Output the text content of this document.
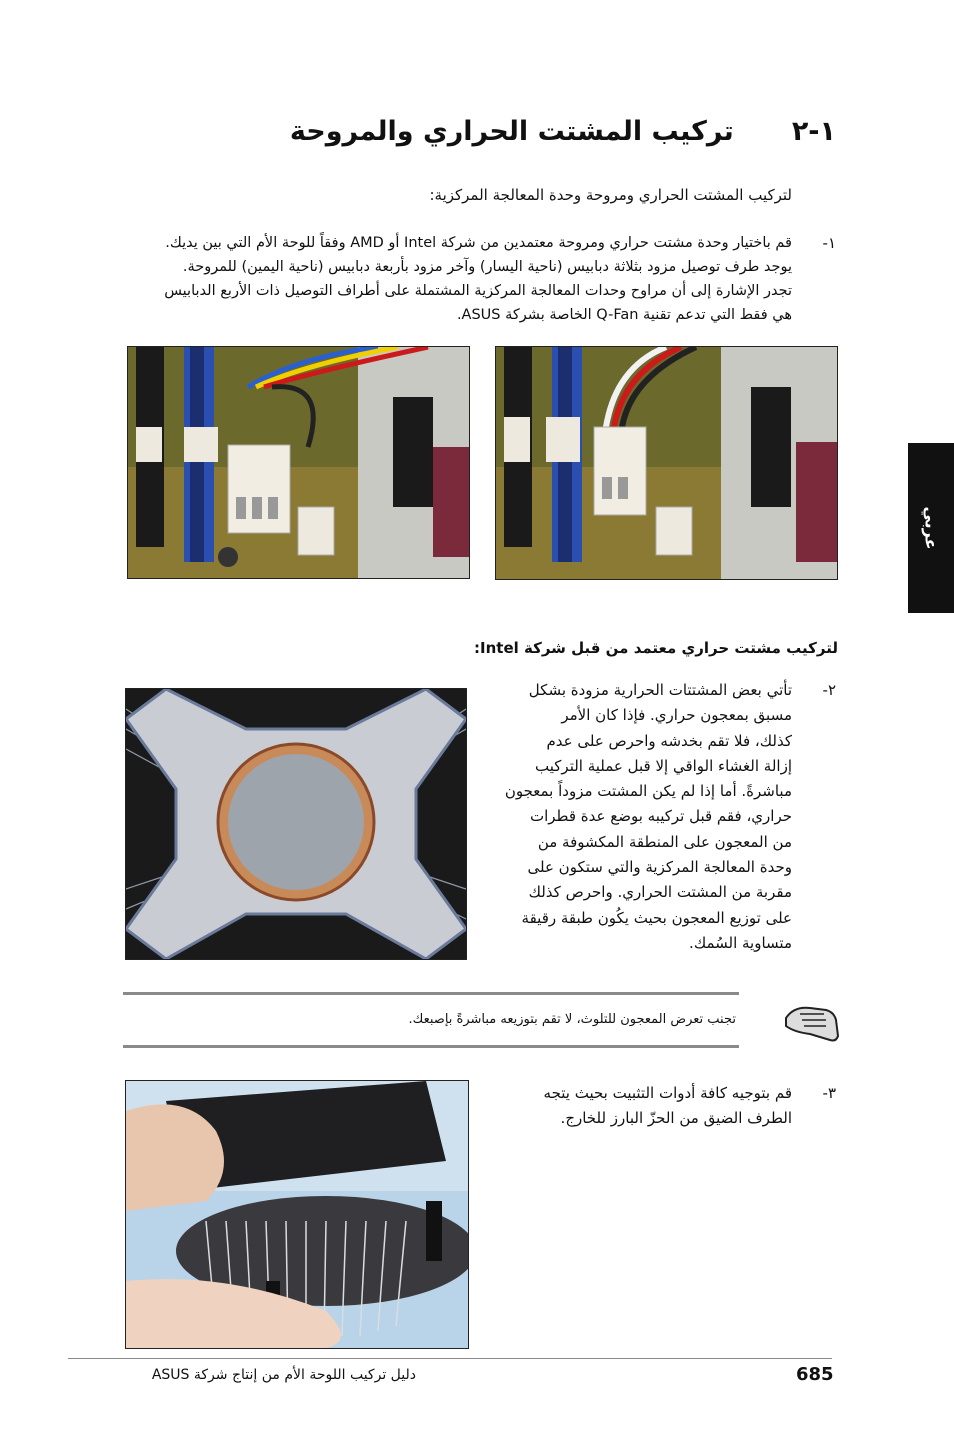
١-٢
تركيب المشتت الحراري والمروحة
لتركيب المشتت الحراري ومروحة وحدة المعالجة المركزية:
١-
قم باختيار وحدة مشتت حراري ومروحة معتمدين من شركة Intel أو AMD وفقاً للوحة الأم التي بين يديك.
يوجد طرف توصيل مزود بثلاثة دبابيس (ناحية اليسار) وآخر مزود بأربعة دبابيس (ناحية اليمين) للمروحة.
تجدر الإشارة إلى أن مراوح وحدات المعالجة المركزية المشتملة على أطراف التوصيل ذات الأربع الدبابيس
هي فقط التي تدعم تقنية Q-Fan الخاصة بشركة ASUS.
لتركيب مشتت حراري معتمد من قبل شركة Intel:
٢-
تأتي بعض المشتتات الحرارية مزودة بشكل
مسبق بمعجون حراري. فإذا كان الأمر
كذلك، فلا تقم بخدشه واحرص على عدم
إزالة الغشاء الواقي إلا قبل عملية التركيب
مباشرةً. أما إذا لم يكن المشتت مزوداً بمعجون
حراري، فقم قبل تركيبه بوضع عدة قطرات
من المعجون على المنطقة المكشوفة من
وحدة المعالجة المركزية والتي ستكون على
مقربة من المشتت الحراري. واحرص كذلك
على توزيع المعجون بحيث يكُون طبقة رقيقة
متساوية السُمك.
تجنب تعرض المعجون للتلوث، لا تقم بتوزيعه مباشرةً بإصبعك.
٣-
قم بتوجيه كافة أدوات التثبيت بحيث يتجه
الطرف الضيق من الحزّ البارز للخارج.
عربي
685
دليل تركيب اللوحة الأم من إنتاج شركة ASUS
